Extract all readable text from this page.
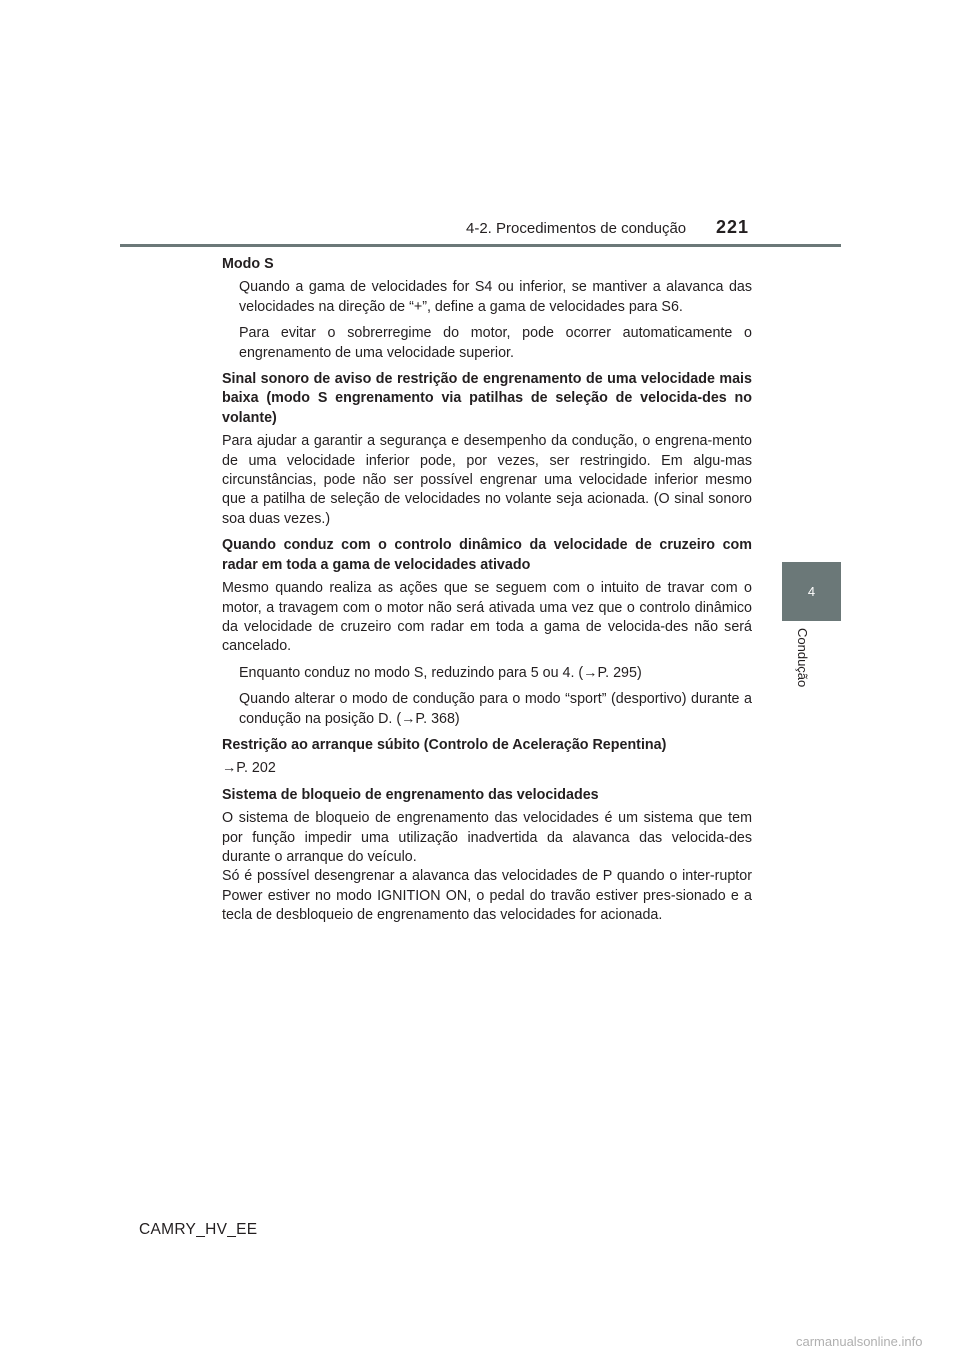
4-2. Procedimentos de condução 221
4
Condução

Modo S

Quando a gama de velocidades for S4 ou inferior, se mantiver a alavanca das velocidades na direção de “+”, define a gama de velocidades para S6.

Para evitar o sobrerregime do motor, pode ocorrer automaticamente o engrenamento de uma velocidade superior.

Sinal sonoro de aviso de restrição de engrenamento de uma velocidade mais baixa (modo S engrenamento via patilhas de seleção de velocida-des no volante)

Para ajudar a garantir a segurança e desempenho da condução, o engrena-mento de uma velocidade inferior pode, por vezes, ser restringido. Em algu-mas circunstâncias, pode não ser possível engrenar uma velocidade inferior mesmo que a patilha de seleção de velocidades no volante seja acionada. (O sinal sonoro soa duas vezes.)

Quando conduz com o controlo dinâmico da velocidade de cruzeiro com radar em toda a gama de velocidades ativado

Mesmo quando realiza as ações que se seguem com o intuito de travar com o motor, a travagem com o motor não será ativada uma vez que o controlo dinâmico da velocidade de cruzeiro com radar em toda a gama de velocida-des não será cancelado.

Enquanto conduz no modo S, reduzindo para 5 ou 4. (→P. 295)

Quando alterar o modo de condução para o modo “sport” (desportivo) durante a condução na posição D. (→P. 368)

Restrição ao arranque súbito (Controlo de Aceleração Repentina)

→P. 202

Sistema de bloqueio de engrenamento das velocidades

O sistema de bloqueio de engrenamento das velocidades é um sistema que tem por função impedir uma utilização inadvertida da alavanca das velocida-des durante o arranque do veículo.

Só é possível desengrenar a alavanca das velocidades de P quando o inter-ruptor Power estiver no modo IGNITION ON, o pedal do travão estiver pres-sionado e a tecla de desbloqueio de engrenamento das velocidades for acionada.

CAMRY_HV_EE
carmanualsonline.info
